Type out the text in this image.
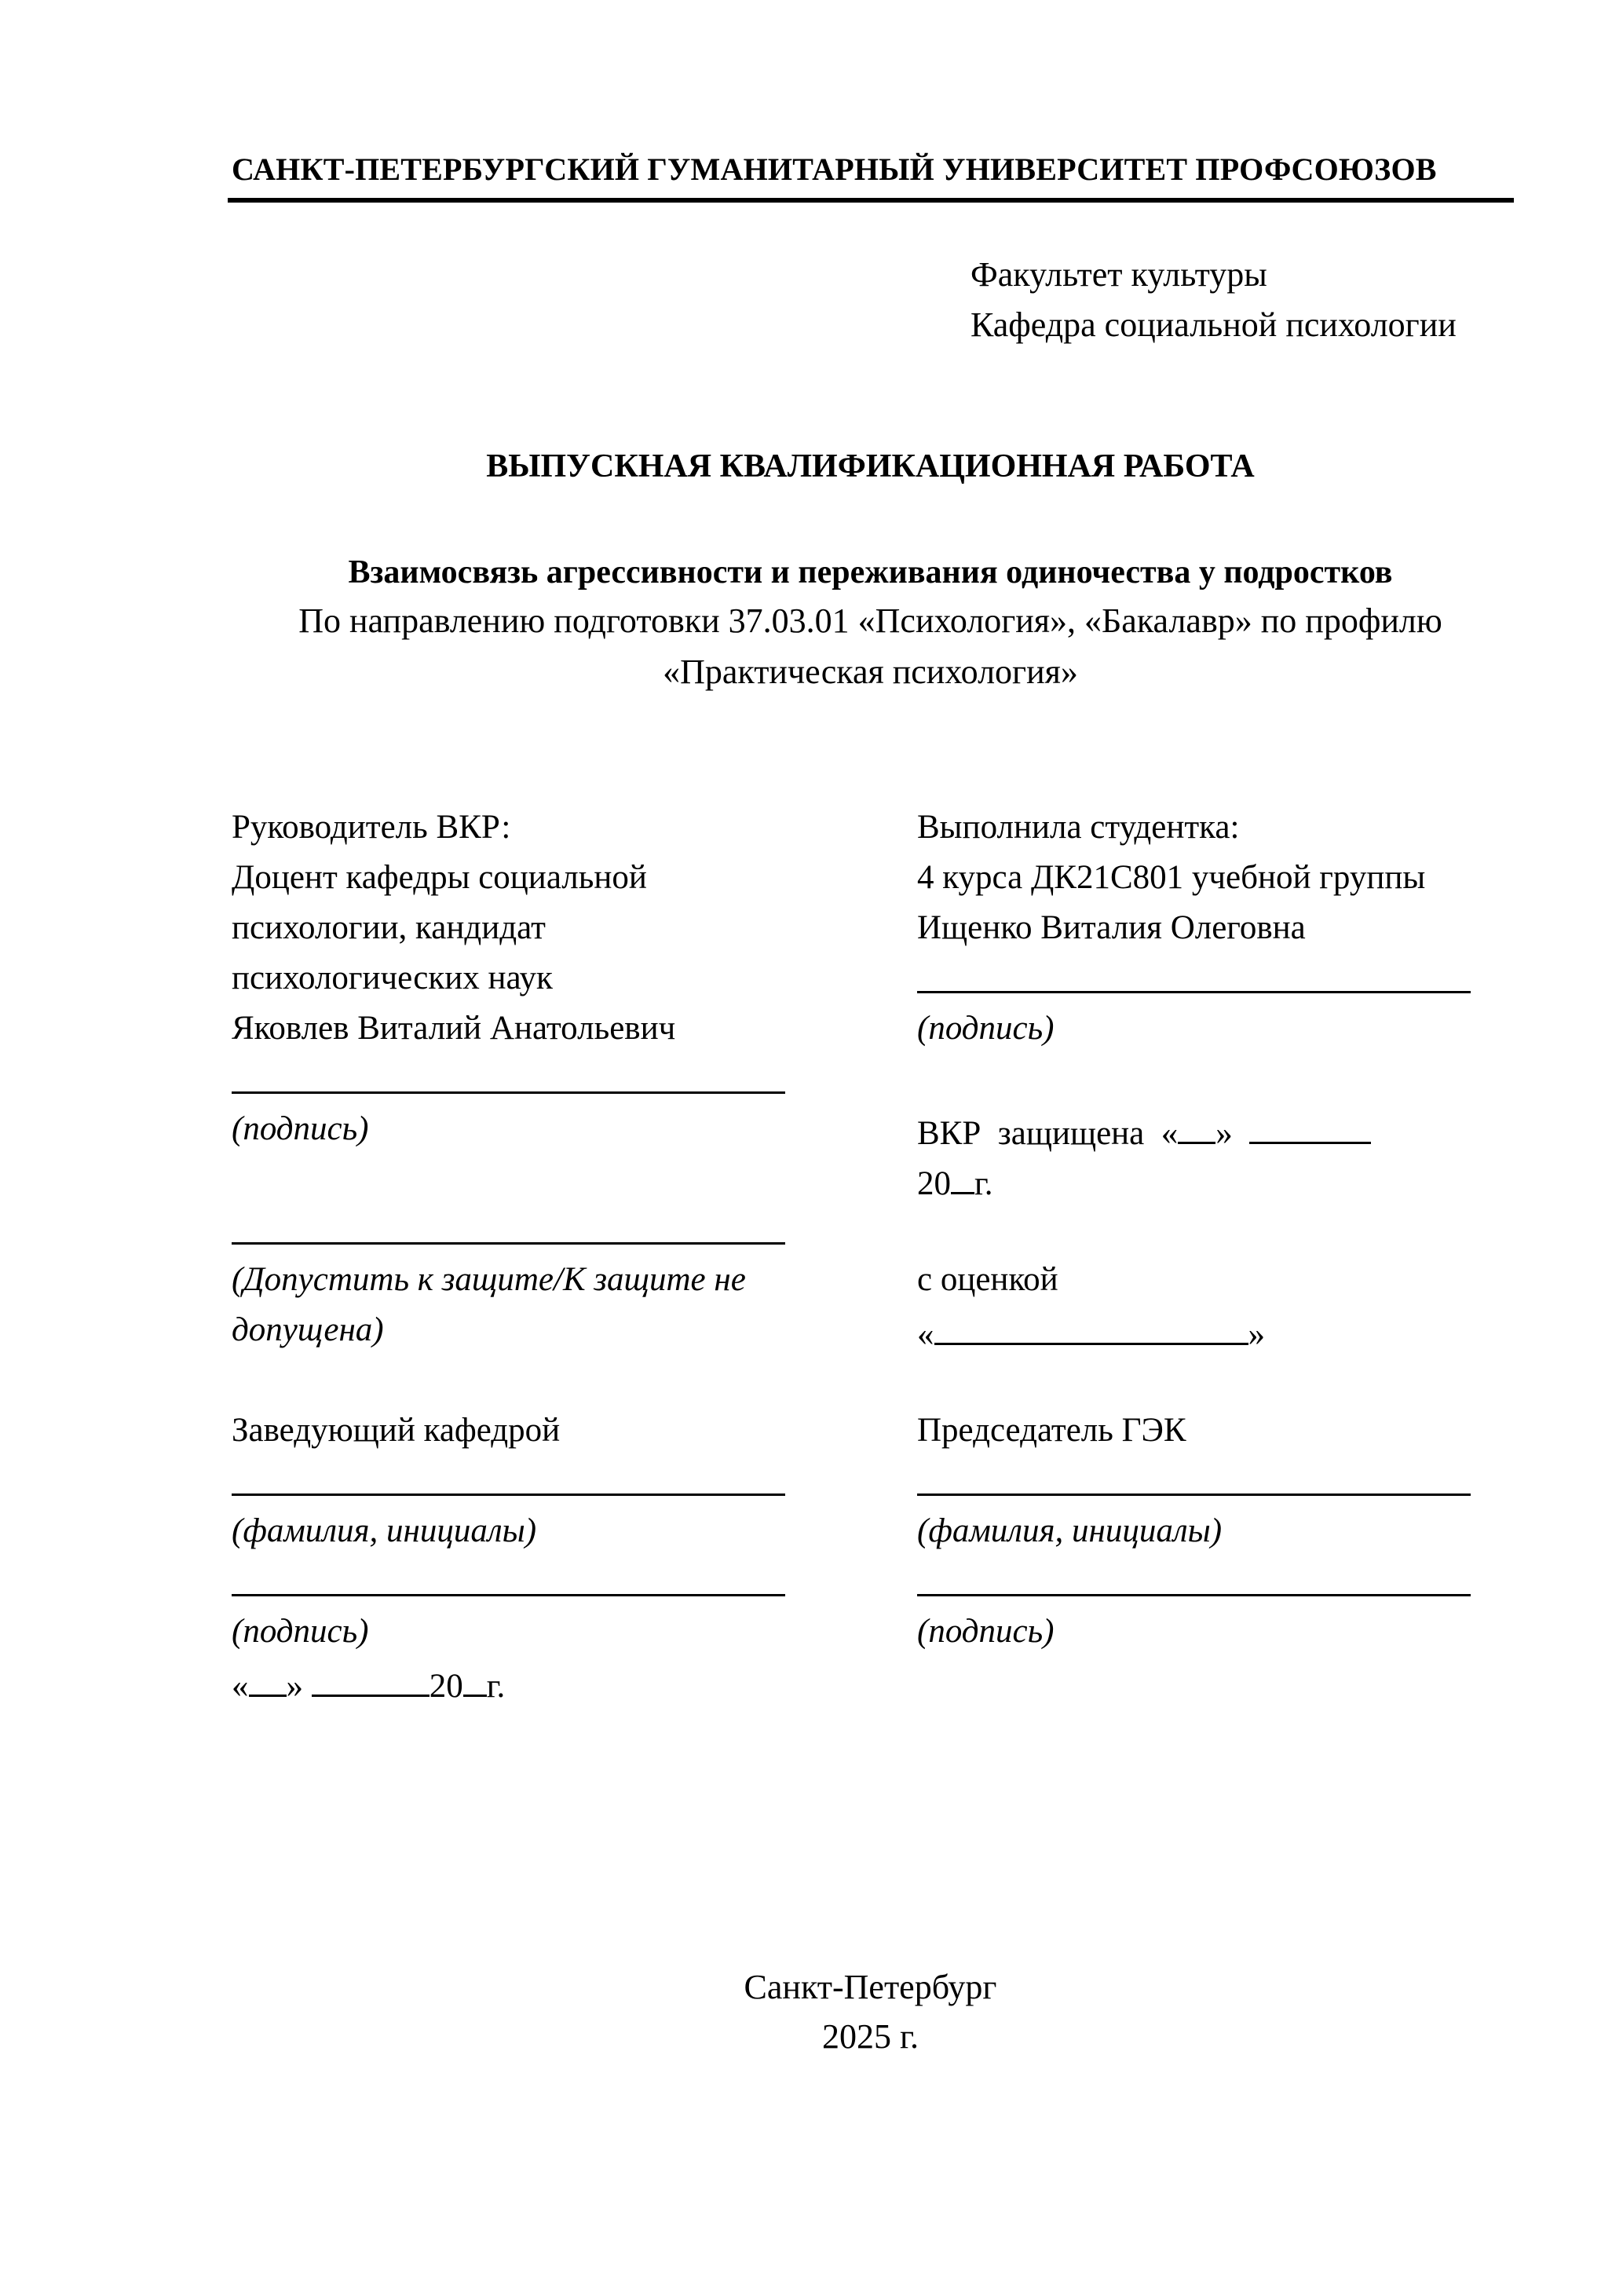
САНКТ-ПЕТЕРБУРГСКИЙ ГУМАНИТАРНЫЙ УНИВЕРСИТЕТ ПРОФСОЮЗОВ
Факультет культуры
Кафедра социальной психологии
ВЫПУСКНАЯ КВАЛИФИКАЦИОННАЯ РАБОТА
Взаимосвязь агрессивности и переживания одиночества у подростков
По направлению подготовки 37.03.01 «Психология», «Бакалавр» по профилю
«Практическая психология»
Руководитель ВКР:
Доцент кафедры социальной
психологии, кандидат
психологических наук
Яковлев Виталий Анатольевич
(подпись)
(Допустить к защите/К защите не
допущена)
Заведующий кафедрой
(фамилия, инициалы)
(подпись)
« »	20 г.
Выполнила студентка:
4 курса ДК21С801 учебной группы
Ищенко Виталия Олеговна
(подпись)
ВКР  защищена  « »
20 г.
с оценкой
«	»
Председатель ГЭК
(фамилия, инициалы)
(подпись)
Санкт-Петербург
2025 г.
